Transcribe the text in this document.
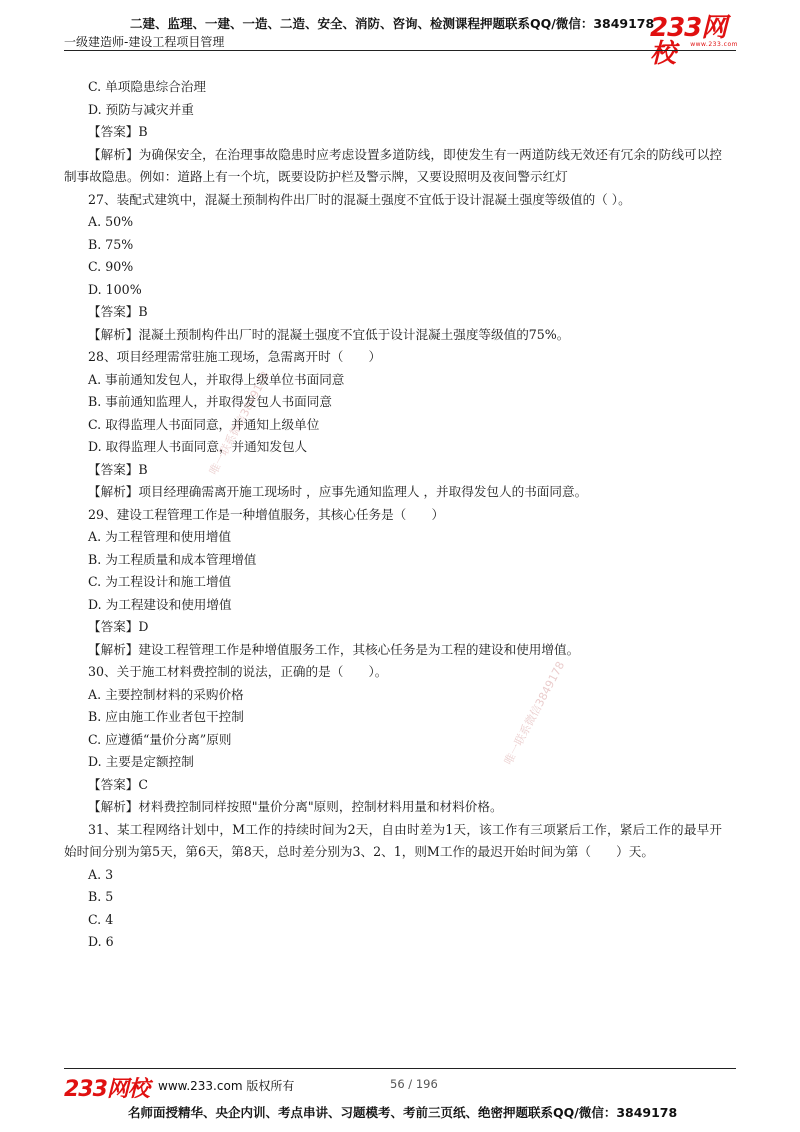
二建、监理、一建、一造、二造、安全、消防、咨询、检测课程押题联系QQ/微信：3849178
一级建造师-建设工程项目管理	233网校	www.233.com
唯一联系微信3849178
唯一联系微信3849178
C. 单项隐患综合治理
D. 预防与减灾并重
【答案】B
【解析】为确保安全，在治理事故隐患时应考虑设置多道防线，即使发生有一两道防线无效还有冗余的防线可以控制事故隐患。例如：道路上有一个坑，既要设防护栏及警示牌，又要设照明及夜间警示红灯
27、装配式建筑中，混凝土预制构件出厂时的混凝土强度不宜低于设计混凝土强度等级值的（ ）。
A. 50%
B. 75%
C. 90%
D. 100%
【答案】B
【解析】混凝土预制构件出厂时的混凝土强度不宜低于设计混凝土强度等级值的75%。
28、项目经理需常驻施工现场，急需离开时（　　）
A. 事前通知发包人，并取得上级单位书面同意
B. 事前通知监理人，并取得发包人书面同意
C. 取得监理人书面同意，并通知上级单位
D. 取得监理人书面同意，并通知发包人
【答案】B
【解析】项目经理确需离开施工现场时 ，应事先通知监理人 ，并取得发包人的书面同意。
29、建设工程管理工作是一种增值服务，其核心任务是（　　）
A. 为工程管理和使用增值
B. 为工程质量和成本管理增值
C. 为工程设计和施工增值
D. 为工程建设和使用增值
【答案】D
【解析】建设工程管理工作是种增值服务工作，其核心任务是为工程的建设和使用增值。
30、关于施工材料费控制的说法，正确的是（　　）。
A. 主要控制材料的采购价格
B. 应由施工作业者包干控制
C. 应遵循“量价分离”原则
D. 主要是定额控制
【答案】C
【解析】材料费控制同样按照"量价分离"原则，控制材料用量和材料价格。
31、某工程网络计划中，M工作的持续时间为2天，自由时差为1天，该工作有三项紧后工作，紧后工作的最早开始时间分别为第5天，第6天，第8天，总时差分别为3、2、1，则M工作的最迟开始时间为第（　　）天。
A. 3
B. 5
C. 4
D. 6
233网校 www.233.com 版权所有	56 / 196
名师面授精华、央企内训、考点串讲、习题模考、考前三页纸、绝密押题联系QQ/微信：3849178
